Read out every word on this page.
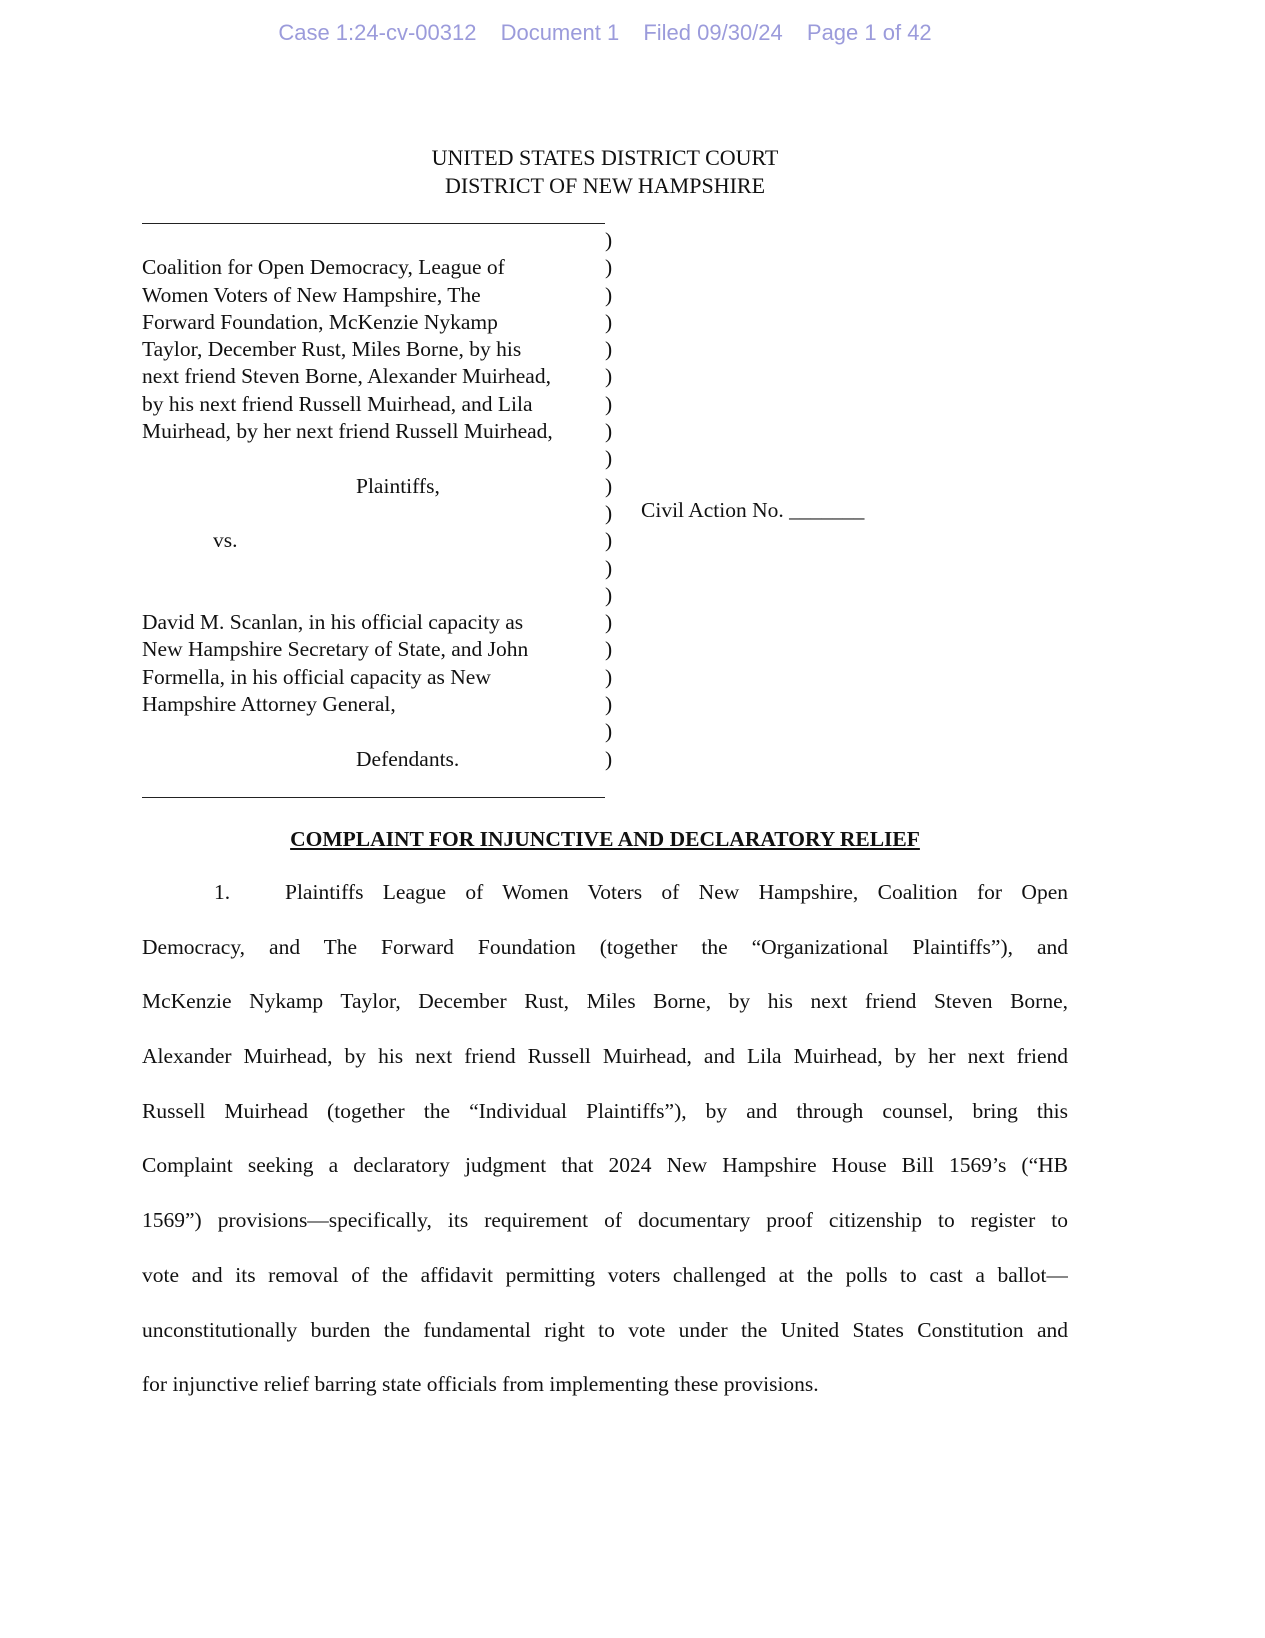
Case 1:24-cv-00312 Document 1 Filed 09/30/24 Page 1 of 42
UNITED STATES DISTRICT COURT
DISTRICT OF NEW HAMPSHIRE
)
Coalition for Open Democracy, League of	)
Women Voters of New Hampshire, The	)
Forward Foundation, McKenzie Nykamp	)
Taylor, December Rust, Miles Borne, by his	)
next friend Steven Borne, Alexander Muirhead,	)
by his next friend Russell Muirhead, and Lila	)
Muirhead, by her next friend Russell Muirhead, )
)
Plaintiffs,	)
)
vs.	)
)
)
David M. Scanlan, in his official capacity as	)
New Hampshire Secretary of State, and John	)
Formella, in his official capacity as New	)
Hampshire Attorney General,	)
)
Defendants.	)
Civil Action No. _______
COMPLAINT FOR INJUNCTIVE AND DECLARATORY RELIEF
1.	Plaintiffs League of Women Voters of New Hampshire, Coalition for Open
Democracy, and The Forward Foundation (together the “Organizational Plaintiffs”), and
McKenzie Nykamp Taylor, December Rust, Miles Borne, by his next friend Steven Borne,
Alexander Muirhead, by his next friend Russell Muirhead, and Lila Muirhead, by her next friend
Russell Muirhead (together the “Individual Plaintiffs”), by and through counsel, bring this
Complaint seeking a declaratory judgment that 2024 New Hampshire House Bill 1569’s (“HB
1569”) provisions—specifically, its requirement of documentary proof citizenship to register to
vote and its removal of the affidavit permitting voters challenged at the polls to cast a ballot—
unconstitutionally burden the fundamental right to vote under the United States Constitution and
for injunctive relief barring state officials from implementing these provisions.
